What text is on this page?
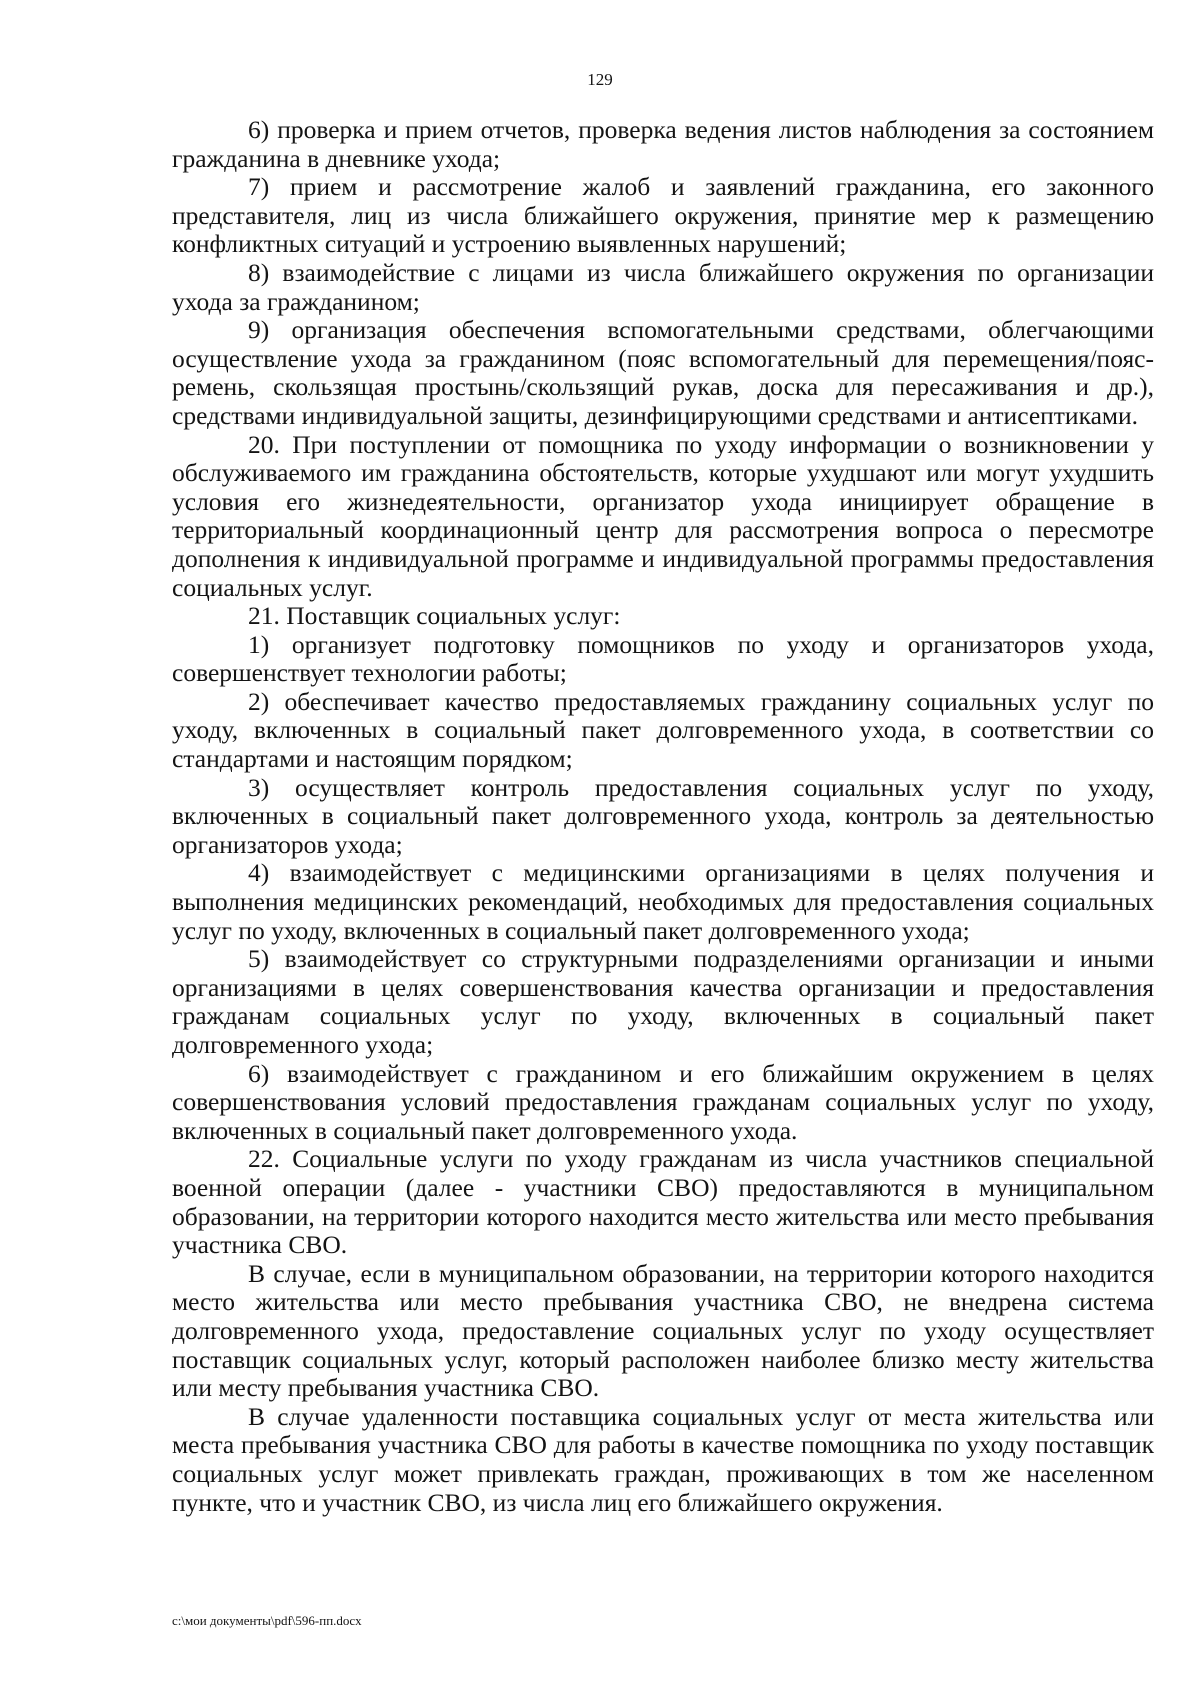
129

6) проверка и прием отчетов, проверка ведения листов наблюдения за состоянием гражданина в дневнике ухода;

7) прием и рассмотрение жалоб и заявлений гражданина, его законного представителя, лиц из числа ближайшего окружения, принятие мер к размещению конфликтных ситуаций и устроению выявленных нарушений;

8) взаимодействие с лицами из числа ближайшего окружения по организации ухода за гражданином;

9) организация обеспечения вспомогательными средствами, облегчающими осуществление ухода за гражданином (пояс вспомогательный для перемещения/пояс-ремень, скользящая простынь/скользящий рукав, доска для пересаживания и др.), средствами индивидуальной защиты, дезинфицирующими средствами и антисептиками.

20. При поступлении от помощника по уходу информации о возникновении у обслуживаемого им гражданина обстоятельств, которые ухудшают или могут ухудшить условия его жизнедеятельности, организатор ухода инициирует обращение в территориальный координационный центр для рассмотрения вопроса о пересмотре дополнения к индивидуальной программе и индивидуальной программы предоставления социальных услуг.

21. Поставщик социальных услуг:

1) организует подготовку помощников по уходу и организаторов ухода, совершенствует технологии работы;

2) обеспечивает качество предоставляемых гражданину социальных услуг по уходу, включенных в социальный пакет долговременного ухода, в соответствии со стандартами и настоящим порядком;

3) осуществляет контроль предоставления социальных услуг по уходу, включенных в социальный пакет долговременного ухода, контроль за деятельностью организаторов ухода;

4) взаимодействует с медицинскими организациями в целях получения и выполнения медицинских рекомендаций, необходимых для предоставления социальных услуг по уходу, включенных в социальный пакет долговременного ухода;

5) взаимодействует со структурными подразделениями организации и иными организациями в целях совершенствования качества организации и предоставления гражданам социальных услуг по уходу, включенных в социальный пакет долговременного ухода;

6) взаимодействует с гражданином и его ближайшим окружением в целях совершенствования условий предоставления гражданам социальных услуг по уходу, включенных в социальный пакет долговременного ухода.

22. Социальные услуги по уходу гражданам из числа участников специальной военной операции (далее - участники СВО) предоставляются в муниципальном образовании, на территории которого находится место жительства или место пребывания участника СВО.

В случае, если в муниципальном образовании, на территории которого находится место жительства или место пребывания участника СВО, не внедрена система долговременного ухода, предоставление социальных услуг по уходу осуществляет поставщик социальных услуг, который расположен наиболее близко месту жительства или месту пребывания участника СВО.

В случае удаленности поставщика социальных услуг от места жительства или места пребывания участника СВО для работы в качестве помощника по уходу поставщик социальных услуг может привлекать граждан, проживающих в том же населенном пункте, что и участник СВО, из числа лиц его ближайшего окружения.

c:\мои документы\pdf\596-пп.docx
